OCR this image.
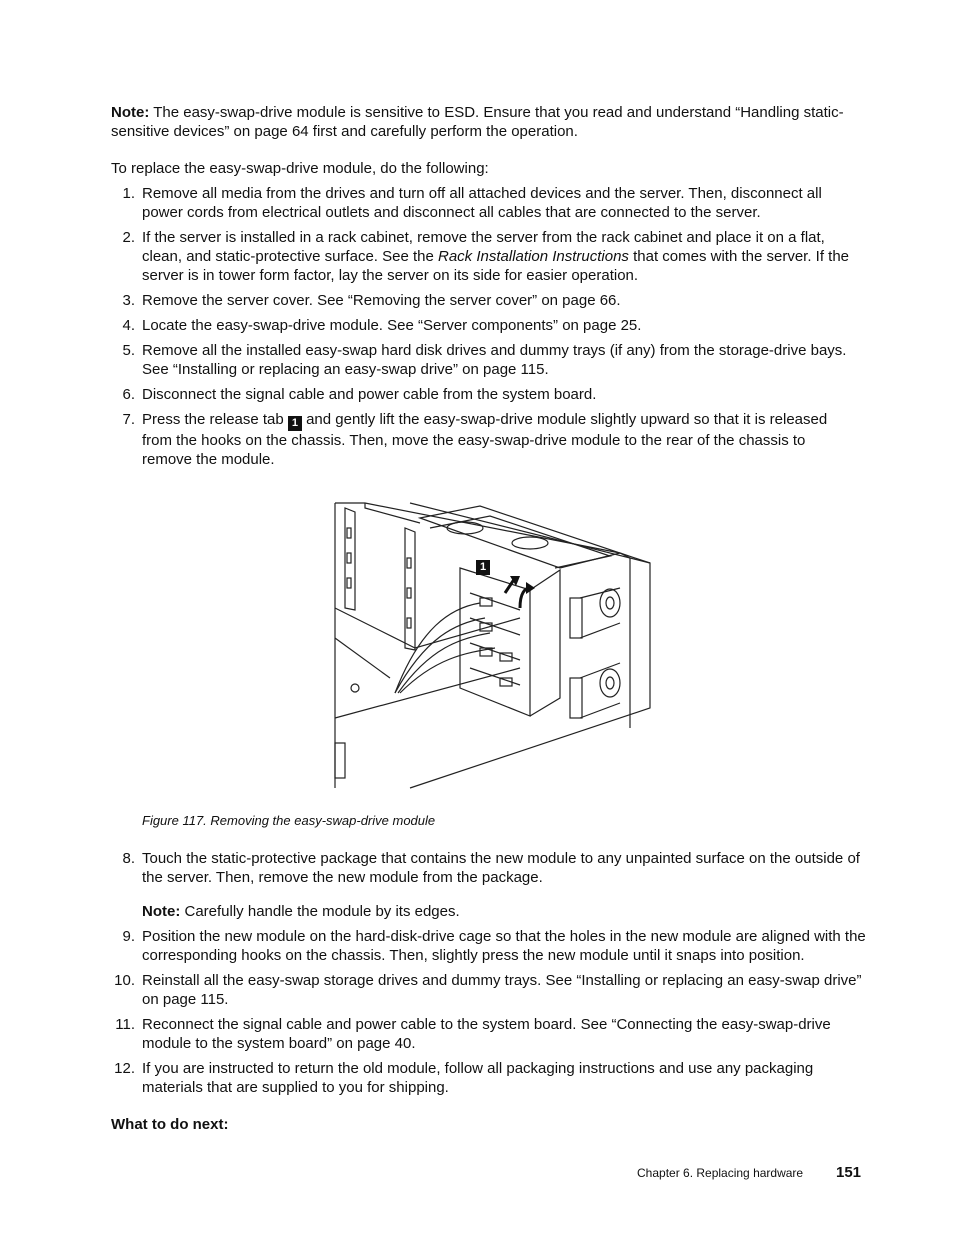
Note: The easy-swap-drive module is sensitive to ESD. Ensure that you read and understand “Handling static-sensitive devices” on page 64 first and carefully perform the operation.
To replace the easy-swap-drive module, do the following:
1. Remove all media from the drives and turn off all attached devices and the server. Then, disconnect all power cords from electrical outlets and disconnect all cables that are connected to the server.
2. If the server is installed in a rack cabinet, remove the server from the rack cabinet and place it on a flat, clean, and static-protective surface. See the Rack Installation Instructions that comes with the server. If the server is in tower form factor, lay the server on its side for easier operation.
3. Remove the server cover. See “Removing the server cover” on page 66.
4. Locate the easy-swap-drive module. See “Server components” on page 25.
5. Remove all the installed easy-swap hard disk drives and dummy trays (if any) from the storage-drive bays. See “Installing or replacing an easy-swap drive” on page 115.
6. Disconnect the signal cable and power cable from the system board.
7. Press the release tab 1 and gently lift the easy-swap-drive module slightly upward so that it is released from the hooks on the chassis. Then, move the easy-swap-drive module to the rear of the chassis to remove the module.
1
Figure 117. Removing the easy-swap-drive module
8. Touch the static-protective package that contains the new module to any unpainted surface on the outside of the server. Then, remove the new module from the package.
Note: Carefully handle the module by its edges.
9. Position the new module on the hard-disk-drive cage so that the holes in the new module are aligned with the corresponding hooks on the chassis. Then, slightly press the new module until it snaps into position.
10. Reinstall all the easy-swap storage drives and dummy trays. See “Installing or replacing an easy-swap drive” on page 115.
11. Reconnect the signal cable and power cable to the system board. See “Connecting the easy-swap-drive module to the system board” on page 40.
12. If you are instructed to return the old module, follow all packaging instructions and use any packaging materials that are supplied to you for shipping.
What to do next:
Chapter 6. Replacing hardware 151
